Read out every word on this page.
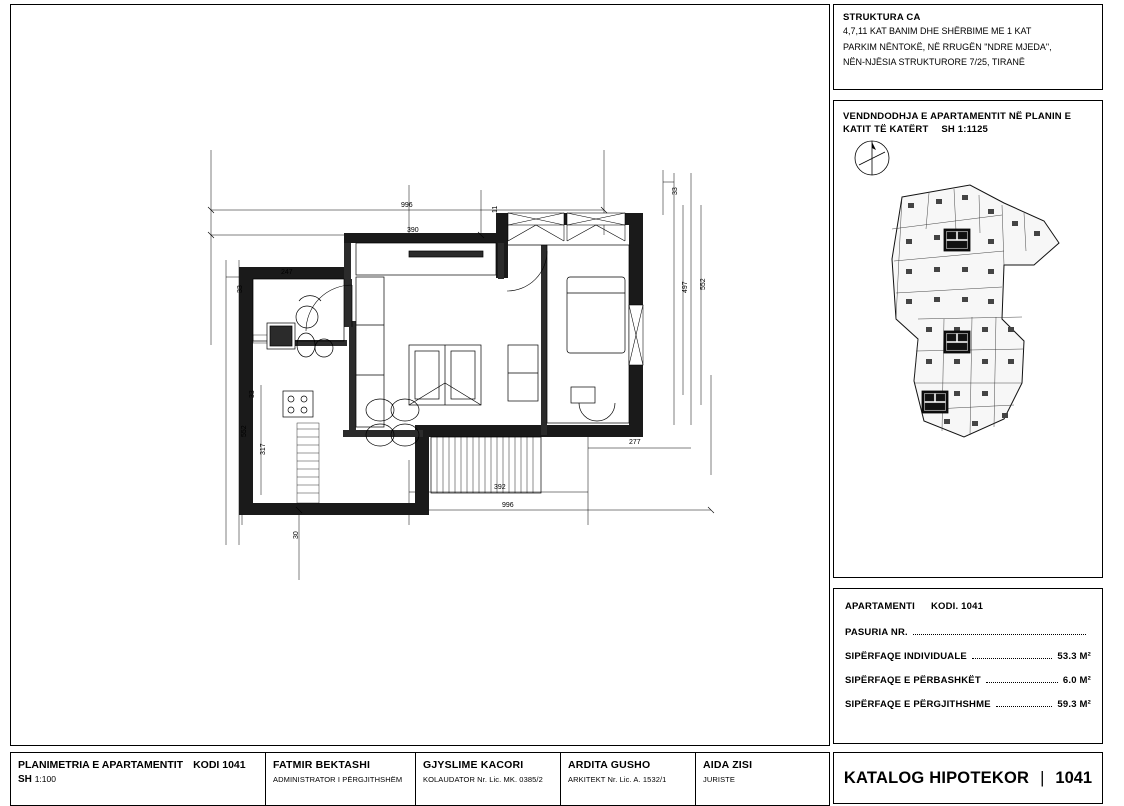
996
390
247
33
11
33
497 552
33
552
317
277
392
996
30
PLANIMETRIA E APARTAMENTIT KODI 1041
SH 1:100
FATMIR BEKTASHI
ADMINISTRATOR I PËRGJITHSHËM
GJYSLIME KACORI
KOLAUDATOR Nr. Lic. MK. 0385/2
ARDITA GUSHO
ARKITEKT Nr. Lic. A. 1532/1
AIDA ZISI
JURISTE
STRUKTURA CA
4,7,11 KAT BANIM DHE SHËRBIME ME 1 KAT
PARKIM NËNTOKË, NË RRUGËN "NDRE MJEDA",
NËN-NJËSIA STRUKTURORE 7/25, TIRANË
VENDNDODHJA E APARTAMENTIT NË PLANIN E
KATIT TË KATËRT SH 1:1125
APARTAMENTI KODI. 1041
PASURIA NR.
SIPËRFAQE INDIVIDUALE	53.3 M²
SIPËRFAQE E PËRBASHKËT	6.0 M²
SIPËRFAQE E PËRGJITHSHME	59.3 M²
KATALOG HIPOTEKOR | 1041
